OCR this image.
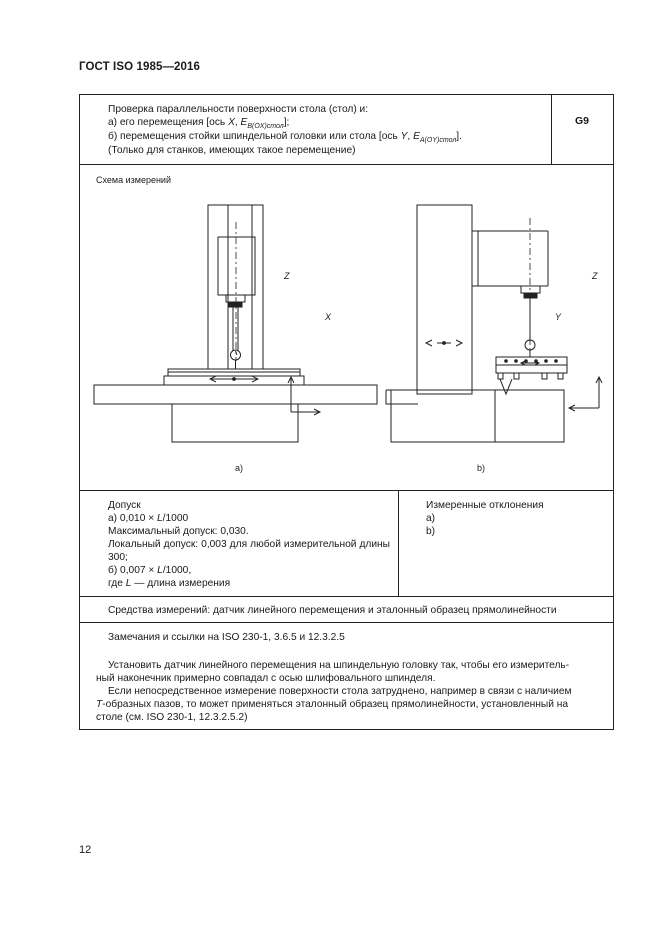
ГОСТ ISO 1985—2016
Проверка параллельности поверхности стола (стол) и:
а) его перемещения [ось X, $E_{B(OX)стол}$];
б) перемещения стойки шпиндельной головки или стола [ось Y, $E_{A(OY)стол}$].
(Только для станков, имеющих такое перемещение)
G9
Схема измерений
Z
X
Z
Y
a)	b)
Допуск
а) 0,010 × L/1000
Максимальный допуск: 0,030.
Локальный допуск: 0,003 для любой измерительной длины 300;
б) 0,007 × L/1000,
где L — длина измерения
Измеренные отклонения
а)
b)
Средства измерений: датчик линейного перемещения и эталонный образец прямолинейности
Замечания и ссылки на ISO 230-1, 3.6.5 и 12.3.2.5
Установить датчик линейного перемещения на шпиндельную головку так, чтобы его измеритель-
ный наконечник примерно совпадал с осью шлифовального шпинделя.
Если непосредственное измерение поверхности стола затруднено, например в связи с наличием
T-образных пазов, то может применяться эталонный образец прямолинейности, установленный на
столе (см. ISO 230-1, 12.3.2.5.2)
12
